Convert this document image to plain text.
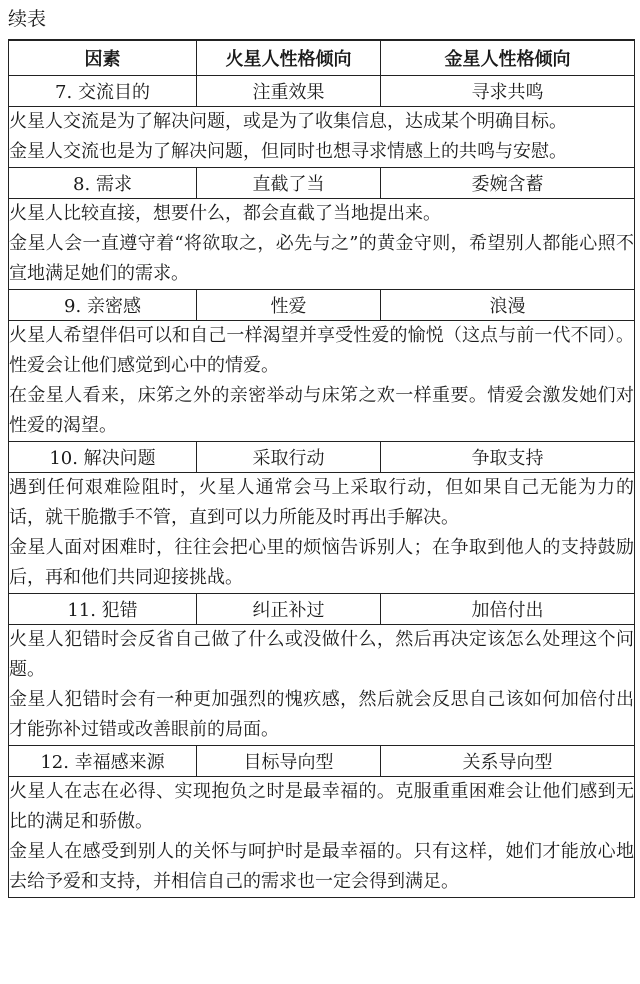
续表
因素	火星人性格倾向	金星人性格倾向
7. 交流目的	注重效果	寻求共鸣

火星人交流是为了解决问题，或是为了收集信息，达成某个明确目标。

金星人交流也是为了解决问题，但同时也想寻求情感上的共鸣与安慰。		

8. 需求	直截了当	委婉含蓄

火星人比较直接，想要什么，都会直截了当地提出来。

金星人会一直遵守着“将欲取之，必先与之”的黄金守则，希望别人都能心照不宣地满足她们的需求。		

9. 亲密感	性爱	浪漫

火星人希望伴侣可以和自己一样渴望并享受性爱的愉悦（这点与前一代不同）。性爱会让他们感觉到心中的情爱。

在金星人看来，床笫之外的亲密举动与床笫之欢一样重要。情爱会激发她们对性爱的渴望。		

10. 解决问题	采取行动	争取支持

遇到任何艰难险阻时，火星人通常会马上采取行动，但如果自己无能为力的话，就干脆撒手不管，直到可以力所能及时再出手解决。

金星人面对困难时，往往会把心里的烦恼告诉别人；在争取到他人的支持鼓励后，再和他们共同迎接挑战。		

11. 犯错	纠正补过	加倍付出

火星人犯错时会反省自己做了什么或没做什么，然后再决定该怎么处理这个问题。

金星人犯错时会有一种更加强烈的愧疚感，然后就会反思自己该如何加倍付出才能弥补过错或改善眼前的局面。		

12. 幸福感来源	目标导向型	关系导向型

火星人在志在必得、实现抱负之时是最幸福的。克服重重困难会让他们感到无比的满足和骄傲。

金星人在感受到别人的关怀与呵护时是最幸福的。只有这样，她们才能放心地去给予爱和支持，并相信自己的需求也一定会得到满足。		
